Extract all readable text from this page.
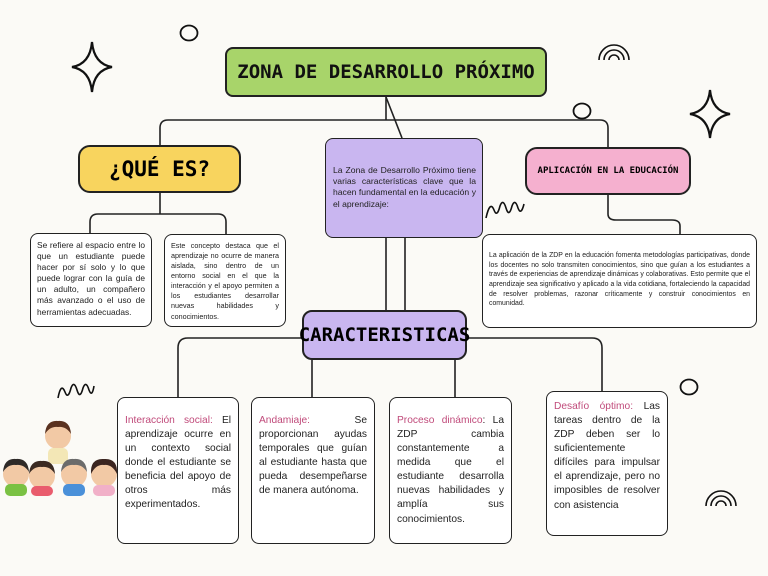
ZONA DE DESARROLLO PRÓXIMO
¿QUÉ ES?	La Zona de Desarrollo Próximo tiene varias características clave que la hacen fundamental en la educación y el aprendizaje:
APLICACIÓN EN LA EDUCACIÓN
Se refiere al espacio entre lo que un estudiante puede hacer por sí solo y lo que puede lograr con la guía de un adulto, un compañero más avanzado o el uso de herramientas adecuadas.
Este concepto destaca que el aprendizaje no ocurre de manera aislada, sino dentro de un entorno social en el que la interacción y el apoyo permiten a los estudiantes desarrollar nuevas habilidades y conocimientos.
La aplicación de la ZDP en la educación fomenta metodologías participativas, donde los docentes no solo transmiten conocimientos, sino que guían a los estudiantes a través de experiencias de aprendizaje dinámicas y colaborativas. Esto permite que el aprendizaje sea significativo y aplicado a la vida cotidiana, fortaleciendo la capacidad de resolver problemas, razonar críticamente y construir conocimientos en comunidad.
CARACTERISTICAS
Interacción social: El aprendizaje ocurre en un contexto social donde el estudiante se beneficia del apoyo de otros más experimentados.
Andamiaje: Se proporcionan ayudas temporales que guían al estudiante hasta que pueda desempeñarse de manera autónoma.
Proceso dinámico: La ZDP cambia constantemente a medida que el estudiante desarrolla nuevas habilidades y amplía sus conocimientos.
Desafío óptimo: Las tareas dentro de la ZDP deben ser lo suficientemente difíciles para impulsar el aprendizaje, pero no imposibles de resolver con asistencia
